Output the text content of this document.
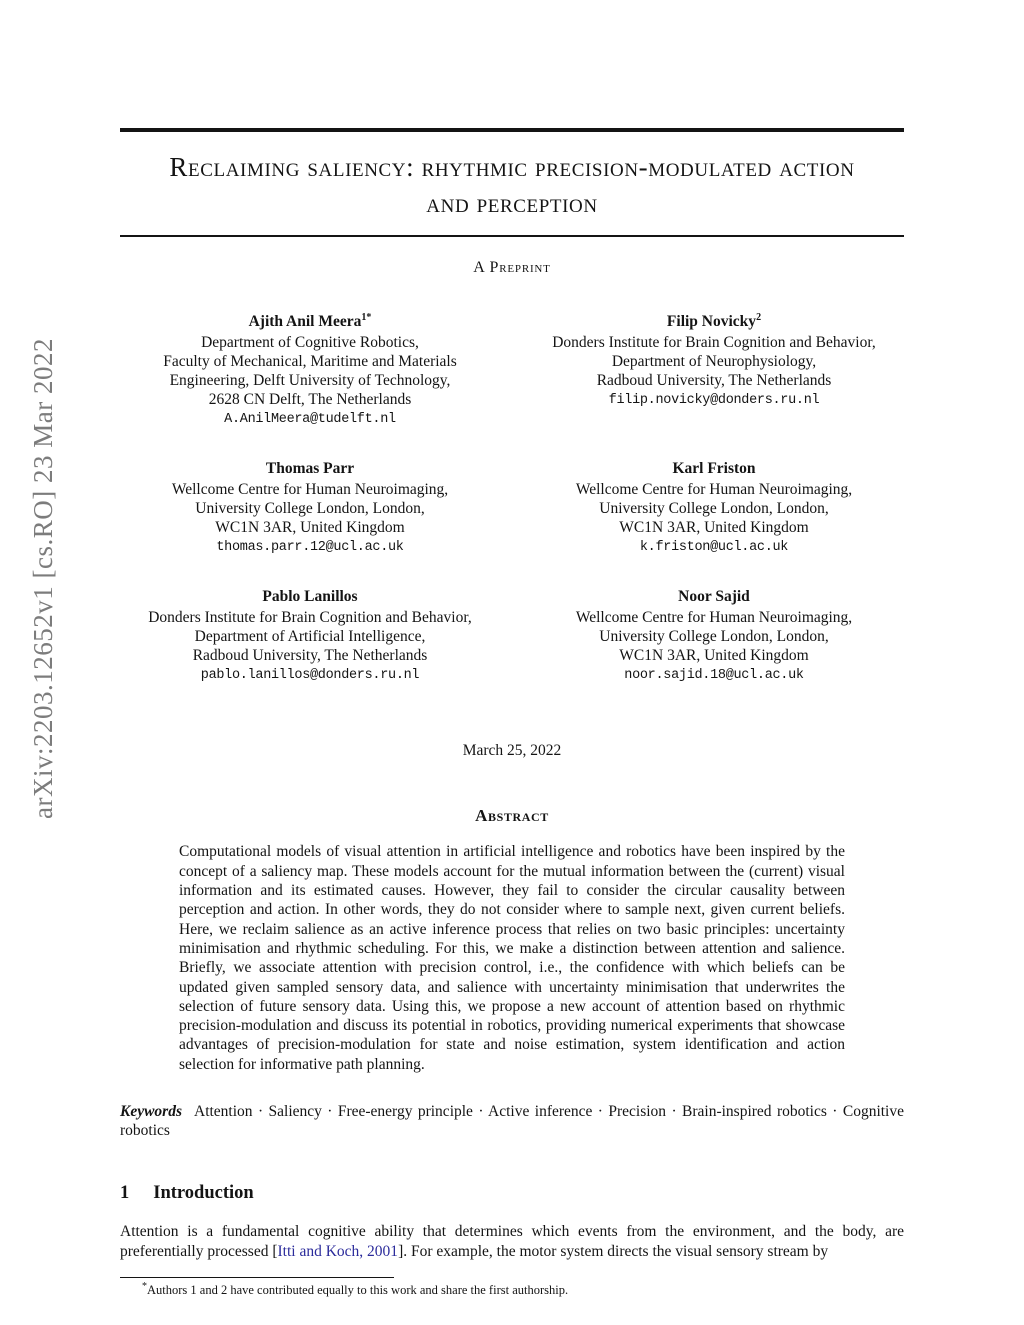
arXiv:2203.12652v1 [cs.RO] 23 Mar 2022
Reclaiming saliency: rhythmic precision-modulated action and perception
A Preprint
Ajith Anil Meera$^{1*}$
Department of Cognitive Robotics,
Faculty of Mechanical, Maritime and Materials
Engineering, Delft University of Technology,
2628 CN Delft, The Netherlands
A.AnilMeera@tudelft.nl
Filip Novicky$^2$
Donders Institute for Brain Cognition and Behavior,
Department of Neurophysiology,
Radboud University, The Netherlands
filip.novicky@donders.ru.nl
Thomas Parr
Wellcome Centre for Human Neuroimaging,
University College London, London,
WC1N 3AR, United Kingdom
thomas.parr.12@ucl.ac.uk
Karl Friston
Wellcome Centre for Human Neuroimaging,
University College London, London,
WC1N 3AR, United Kingdom
k.friston@ucl.ac.uk
Pablo Lanillos
Donders Institute for Brain Cognition and Behavior,
Department of Artificial Intelligence,
Radboud University, The Netherlands
pablo.lanillos@donders.ru.nl
Noor Sajid
Wellcome Centre for Human Neuroimaging,
University College London, London,
WC1N 3AR, United Kingdom
noor.sajid.18@ucl.ac.uk
March 25, 2022
Abstract

Computational models of visual attention in artificial intelligence and robotics have been inspired by the concept of a saliency map. These models account for the mutual information between the (current) visual information and its estimated causes. However, they fail to consider the circular causality between perception and action. In other words, they do not consider where to sample next, given current beliefs. Here, we reclaim salience as an active inference process that relies on two basic principles: uncertainty minimisation and rhythmic scheduling. For this, we make a distinction between attention and salience. Briefly, we associate attention with precision control, i.e., the confidence with which beliefs can be updated given sampled sensory data, and salience with uncertainty minimisation that underwrites the selection of future sensory data. Using this, we propose a new account of attention based on rhythmic precision-modulation and discuss its potential in robotics, providing numerical experiments that showcase advantages of precision-modulation for state and noise estimation, system identification and action selection for informative path planning.

Keywords Attention · Saliency · Free-energy principle · Active inference · Precision · Brain-inspired robotics · Cognitive robotics

1 Introduction

Attention is a fundamental cognitive ability that determines which events from the environment, and the body, are preferentially processed [Itti and Koch, 2001]. For example, the motor system directs the visual sensory stream by

*Authors 1 and 2 have contributed equally to this work and share the first authorship.
